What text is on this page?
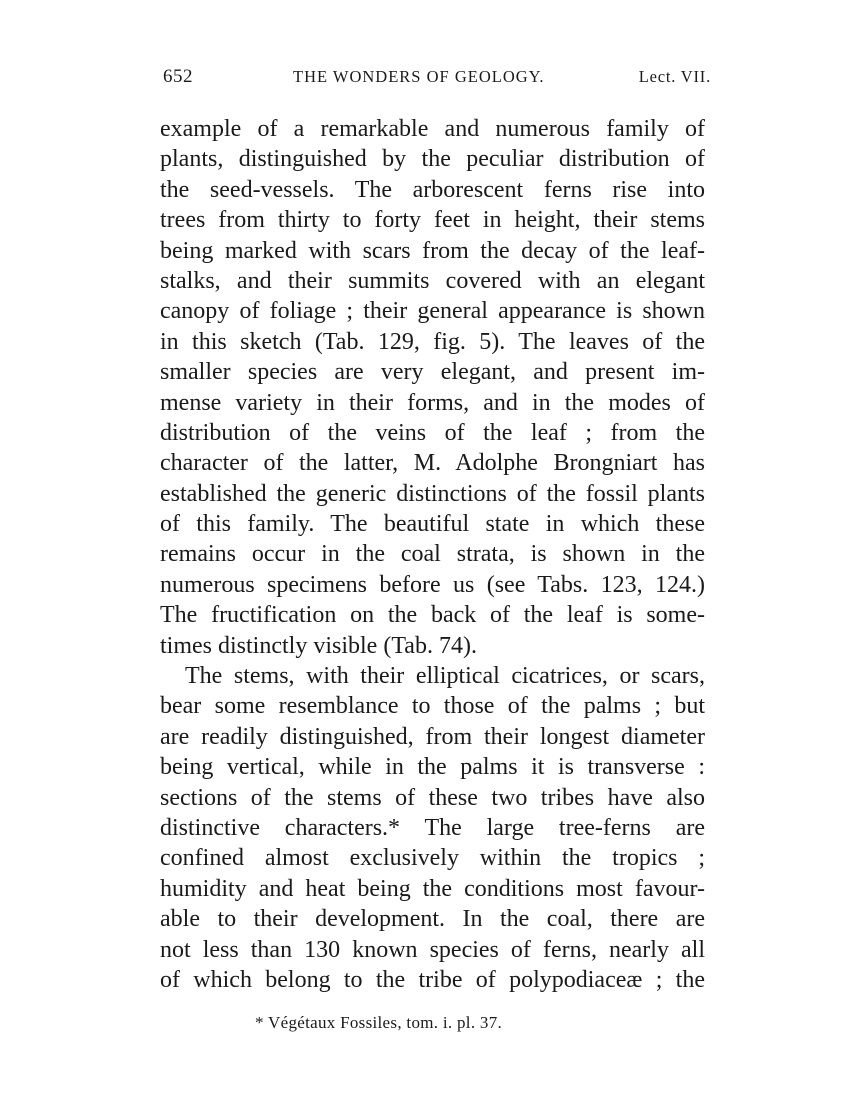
652	THE WONDERS OF GEOLOGY.	Lect. VII.
example of a remarkable and numerous family of
plants, distinguished by the peculiar distribution of
the seed-vessels. The arborescent ferns rise into
trees from thirty to forty feet in height, their stems
being marked with scars from the decay of the leaf-
stalks, and their summits covered with an elegant
canopy of foliage ; their general appearance is shown
in this sketch (Tab. 129, fig. 5). The leaves of the
smaller species are very elegant, and present im-
mense variety in their forms, and in the modes of
distribution of the veins of the leaf ; from the
character of the latter, M. Adolphe Brongniart has
established the generic distinctions of the fossil plants
of this family. The beautiful state in which these
remains occur in the coal strata, is shown in the
numerous specimens before us (see Tabs. 123, 124.)
The fructification on the back of the leaf is some-
times distinctly visible (Tab. 74).
The stems, with their elliptical cicatrices, or scars,
bear some resemblance to those of the palms ; but
are readily distinguished, from their longest diameter
being vertical, while in the palms it is transverse :
sections of the stems of these two tribes have also
distinctive characters.* The large tree-ferns are
confined almost exclusively within the tropics ;
humidity and heat being the conditions most favour-
able to their development. In the coal, there are
not less than 130 known species of ferns, nearly all
of which belong to the tribe of polypodiaceæ ; the
* Végétaux Fossiles, tom. i. pl. 37.
